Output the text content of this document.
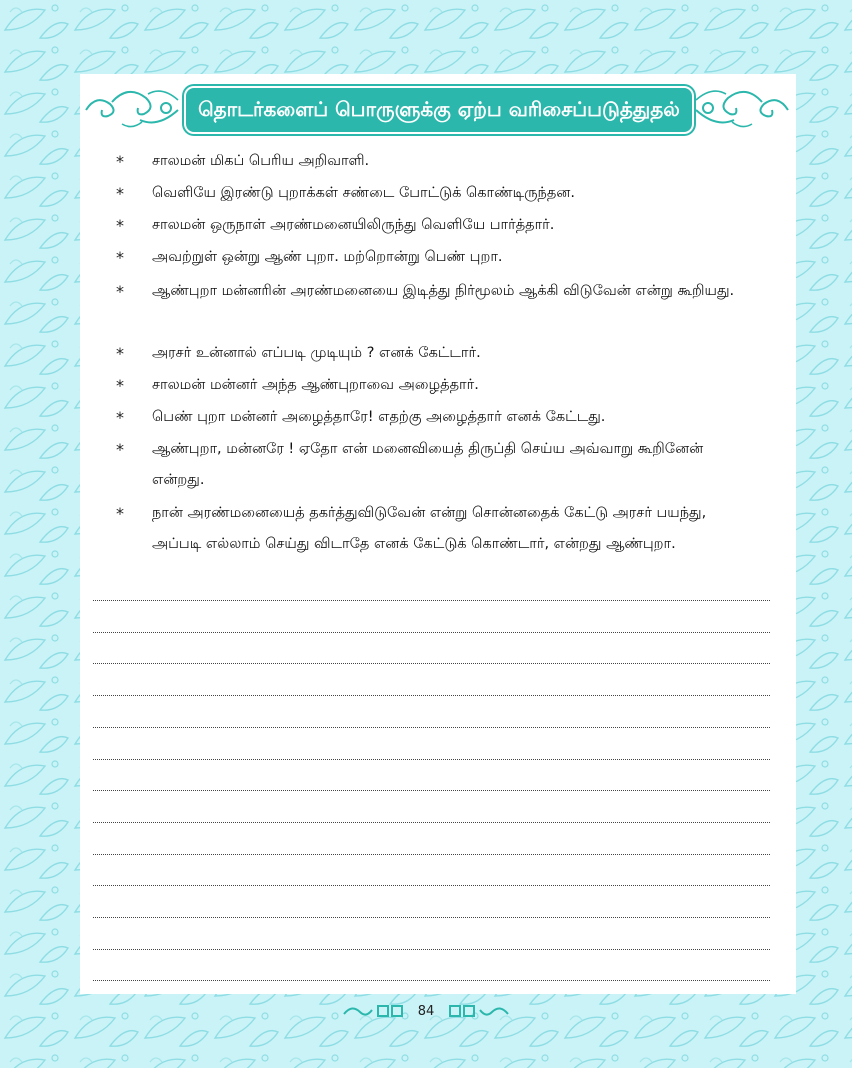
தொடர்களைப் பொருளுக்கு ஏற்ப வரிசைப்படுத்துதல்
*	சாலமன் மிகப் பெரிய அறிவாளி.
*	வெளியே இரண்டு புறாக்கள் சண்டை போட்டுக் கொண்டிருந்தன.
*	சாலமன் ஒருநாள் அரண்மனையிலிருந்து வெளியே பார்த்தார்.
*	அவற்றுள் ஒன்று ஆண் புறா. மற்றொன்று பெண் புறா.
*	ஆண்புறா மன்னரின் அரண்மனையை இடித்து நிர்மூலம் ஆக்கி விடுவேன் என்று கூறியது.
*	அரசர் உன்னால் எப்படி முடியும் ? எனக் கேட்டார்.
*	சாலமன் மன்னர் அந்த ஆண்புறாவை அழைத்தார்.
*	பெண் புறா மன்னர் அழைத்தாரே! எதற்கு அழைத்தார் எனக் கேட்டது.
*	ஆண்புறா, மன்னரே ! ஏதோ என் மனைவியைத் திருப்தி செய்ய அவ்வாறு கூறினேன் என்றது.
*	நான் அரண்மனையைத் தகர்த்துவிடுவேன் என்று சொன்னதைக் கேட்டு அரசர் பயந்து, அப்படி எல்லாம் செய்து விடாதே எனக் கேட்டுக் கொண்டார், என்றது ஆண்புறா.
84
